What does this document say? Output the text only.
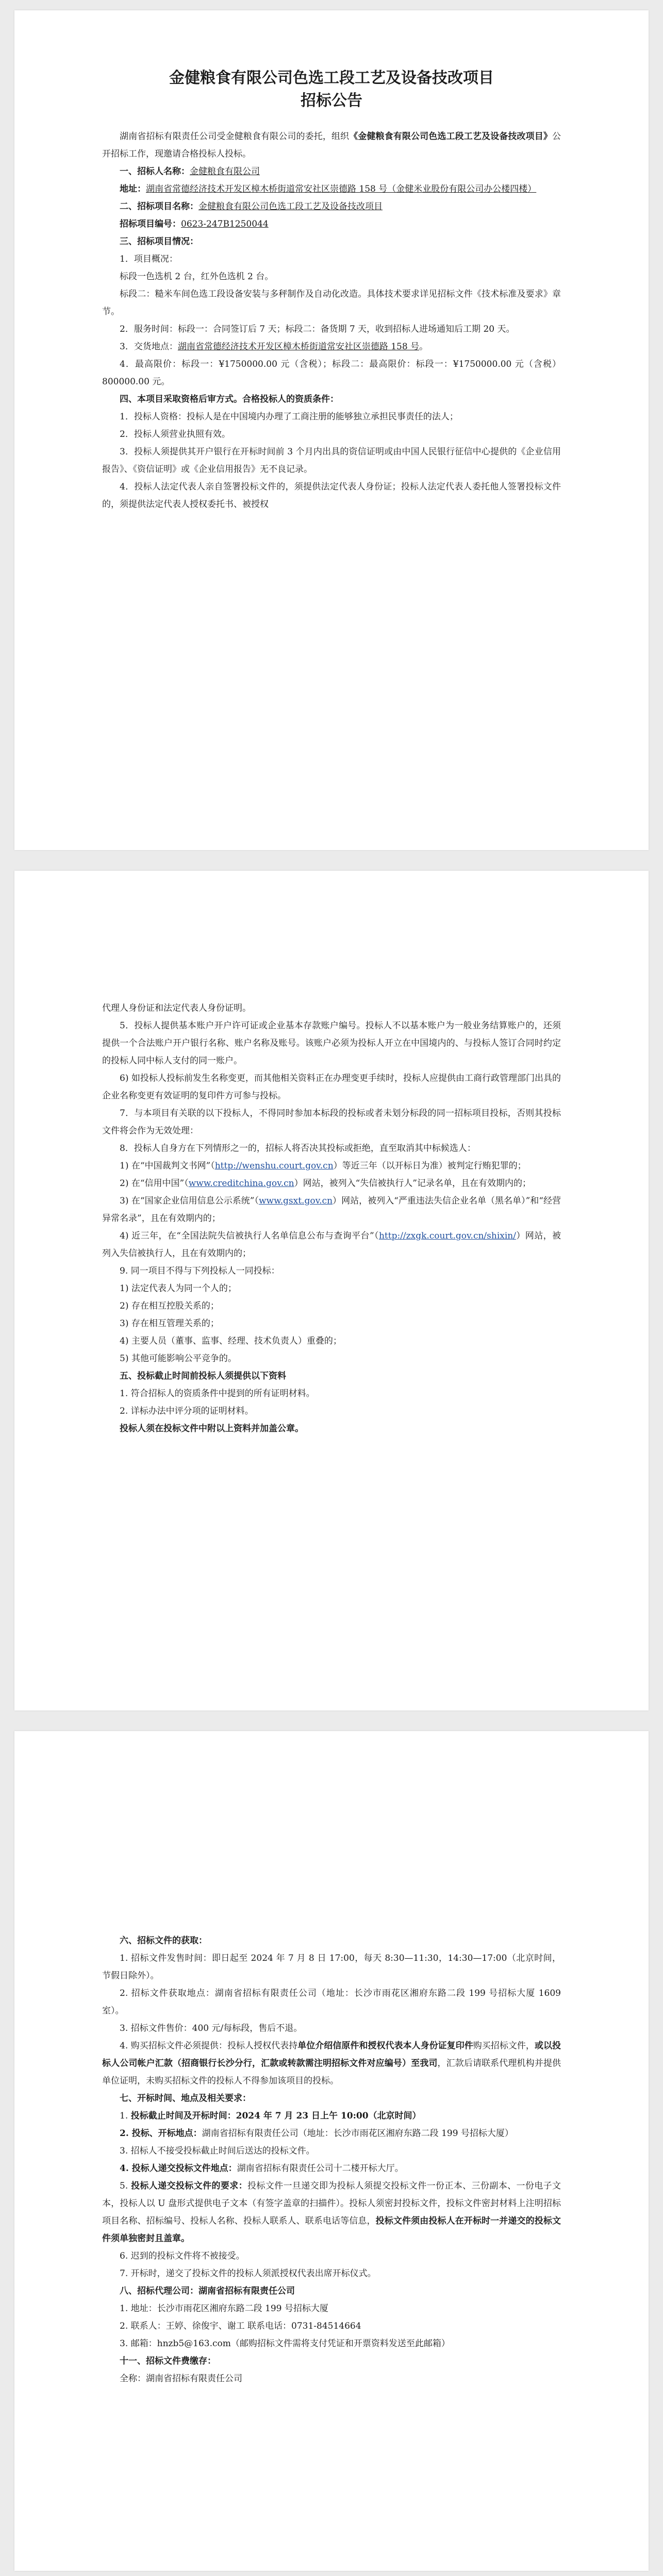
金健粮食有限公司色选工段工艺及设备技改项目
招标公告

湖南省招标有限责任公司受金健粮食有限公司的委托，组织《金健粮食有限公司色选工段工艺及设备技改项目》公开招标工作，现邀请合格投标人投标。

一、招标人名称：金健粮食有限公司

地址：湖南省常德经济技术开发区樟木桥街道常安社区崇德路 158 号（金健米业股份有限公司办公楼四楼）

二、招标项目名称：金健粮食有限公司色选工段工艺及设备技改项目

招标项目编号：0623-247B1250044

三、招标项目情况：

1．项目概况：

标段一色选机 2 台，红外色选机 2 台。

标段二：糙米车间色选工段设备安装与多秤制作及自动化改造。具体技术要求详见招标文件《技术标准及要求》章节。

2．服务时间：标段一：合同签订后 7 天；标段二：备货期 7 天，收到招标人进场通知后工期 20 天。

3．交货地点：湖南省常德经济技术开发区樟木桥街道常安社区崇德路 158 号。

4．最高限价：标段一：¥1750000.00 元（含税）；标段二：最高限价：标段一：¥1750000.00 元（含税）800000.00 元。

四、本项目采取资格后审方式。合格投标人的资质条件：

1．投标人资格：投标人是在中国境内办理了工商注册的能够独立承担民事责任的法人；

2．投标人须营业执照有效。

3．投标人须提供其开户银行在开标时间前 3 个月内出具的资信证明或由中国人民银行征信中心提供的《企业信用报告》、《资信证明》或《企业信用报告》无不良记录。

4．投标人法定代表人亲自签署投标文件的，须提供法定代表人身份证；投标人法定代表人委托他人签署投标文件的，须提供法定代表人授权委托书、被授权

代理人身份证和法定代表人身份证明。

5．投标人提供基本账户开户许可证或企业基本存款账户编号。投标人不以基本账户为一般业务结算账户的，还须提供一个合法账户开户银行名称、账户名称及账号。该账户必须为投标人开立在中国境内的、与投标人签订合同时约定的投标人同中标人支付的同一账户。

6) 如投标人投标前发生名称变更，而其他相关资料正在办理变更手续时，投标人应提供由工商行政管理部门出具的企业名称变更有效证明的复印件方可参与投标。

7．与本项目有关联的以下投标人，不得同时参加本标段的投标或者未划分标段的同一招标项目投标，否则其投标文件将会作为无效处理：

8．投标人自身方在下列情形之一的，招标人将否决其投标或拒绝，直至取消其中标候选人：

1) 在“中国裁判文书网”（http://wenshu.court.gov.cn）等近三年（以开标日为准）被判定行贿犯罪的；

2) 在“信用中国”（www.creditchina.gov.cn）网站，被列入“失信被执行人”记录名单，且在有效期内的；

3) 在“国家企业信用信息公示系统”（www.gsxt.gov.cn）网站，被列入“严重违法失信企业名单（黑名单）”和“经营异常名录”，且在有效期内的；

4) 近三年，在“全国法院失信被执行人名单信息公布与查询平台”（http://zxgk.court.gov.cn/shixin/）网站，被列入失信被执行人，且在有效期内的；

9. 同一项目不得与下列投标人一同投标：

1) 法定代表人为同一个人的；

2) 存在相互控股关系的；

3) 存在相互管理关系的；

4) 主要人员（董事、监事、经理、技术负责人）重叠的；

5) 其他可能影响公平竞争的。

五、投标截止时间前投标人须提供以下资料

1. 符合招标人的资质条件中提到的所有证明材料。

2. 详标办法中评分项的证明材料。

投标人须在投标文件中附以上资料并加盖公章。

六、招标文件的获取：

1. 招标文件发售时间：即日起至 2024 年 7 月 8 日 17:00，每天 8:30—11:30，14:30—17:00（北京时间，节假日除外）。

2. 招标文件获取地点：湖南省招标有限责任公司（地址：长沙市雨花区湘府东路二段 199 号招标大厦 1609 室）。

3. 招标文件售价：400 元/每标段，售后不退。

4. 购买招标文件必须提供：投标人授权代表持单位介绍信原件和授权代表本人身份证复印件购买招标文件，或以投标人公司帐户汇款（招商银行长沙分行，汇款或转款需注明招标文件对应编号）至我司，汇款后请联系代理机构并提供单位证明，未购买招标文件的投标人不得参加该项目的投标。

七、开标时间、地点及相关要求：

1. 投标截止时间及开标时间：2024 年 7 月 23 日上午 10:00（北京时间）

2. 投标、开标地点：湖南省招标有限责任公司（地址：长沙市雨花区湘府东路二段 199 号招标大厦）

3. 招标人不接受投标截止时间后送达的投标文件。

4. 投标人递交投标文件地点：湖南省招标有限责任公司十二楼开标大厅。

5. 投标人递交投标文件的要求：投标文件一旦递交即为投标人须提交投标文件一份正本、三份副本、一份电子文本，投标人以 U 盘形式提供电子文本（有签字盖章的扫描件）。投标人须密封投标文件，投标文件密封材料上注明招标项目名称、招标编号、投标人名称、投标人联系人、联系电话等信息，投标文件须由投标人在开标时一并递交的投标文件须单独密封且盖章。

6. 迟到的投标文件将不被接受。

7. 开标时，递交了投标文件的投标人须派授权代表出席开标仪式。

八、招标代理公司：湖南省招标有限责任公司

1. 地址：长沙市雨花区湘府东路二段 199 号招标大厦

2. 联系人：王婷、徐俊宇、谢工 联系电话：0731-84514664

3. 邮箱：hnzb5@163.com（邮购招标文件需将支付凭证和开票资料发送至此邮箱）

十一、招标文件费缴存：

全称：湖南省招标有限责任公司
